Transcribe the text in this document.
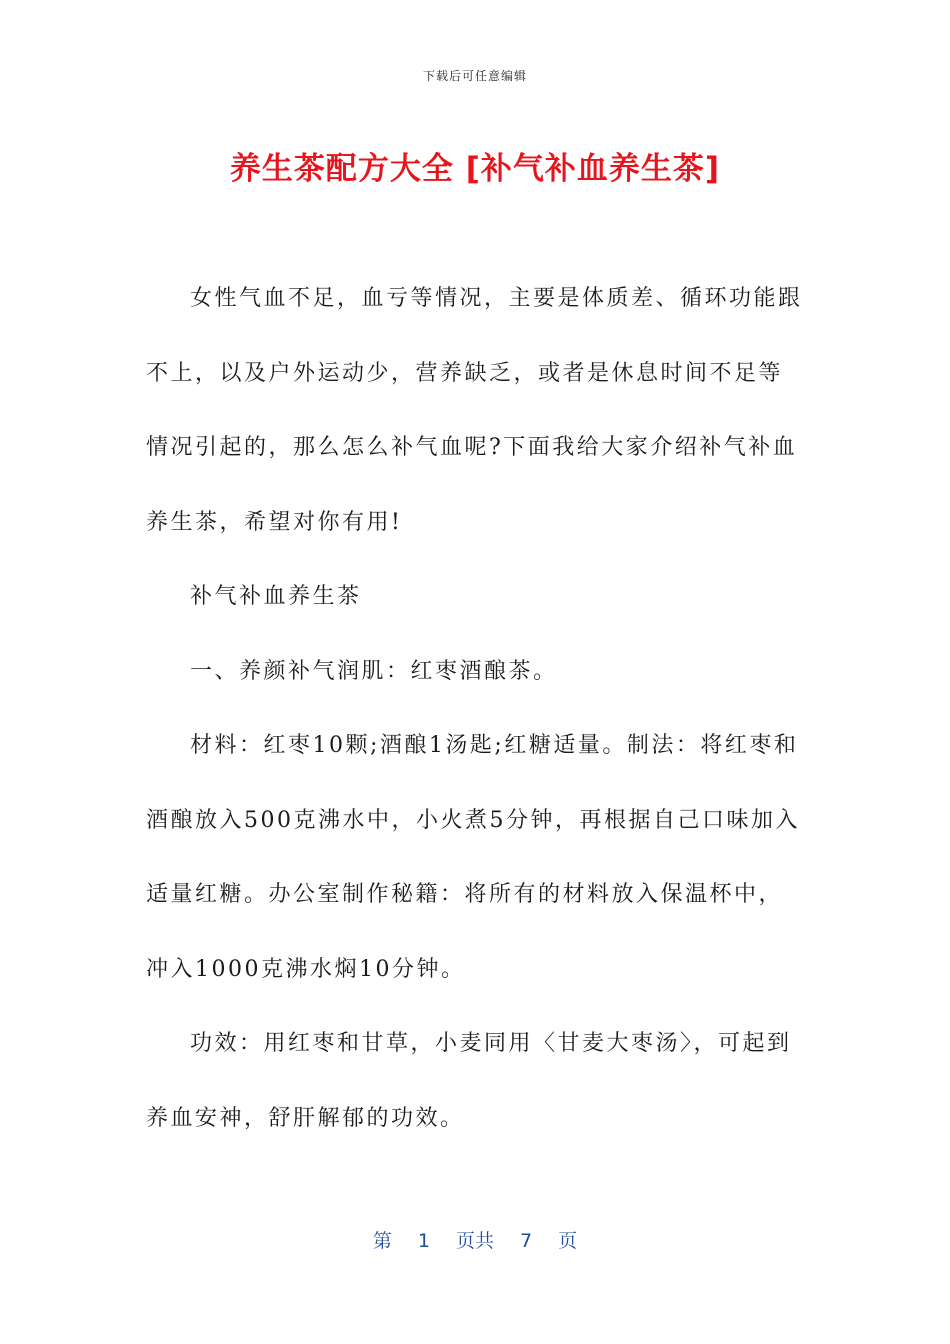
下载后可任意编辑
养生茶配方大全 [补气补血养生茶]

女性气血不足，血亏等情况，主要是体质差、循环功能跟不上，以及户外运动少，营养缺乏，或者是休息时间不足等情况引起的，那么怎么补气血呢?下面我给大家介绍补气补血养生茶，希望对你有用!

补气补血养生茶

一、养颜补气润肌：红枣酒酿茶。

材料：红枣10颗;酒酿1汤匙;红糖适量。制法：将红枣和酒酿放入500克沸水中，小火煮5分钟，再根据自己口味加入适量红糖。办公室制作秘籍：将所有的材料放入保温杯中，冲入1000克沸水焖10分钟。

功效：用红枣和甘草，小麦同用〈甘麦大枣汤〉，可起到养血安神，舒肝解郁的功效。

第 1 页共 7 页
